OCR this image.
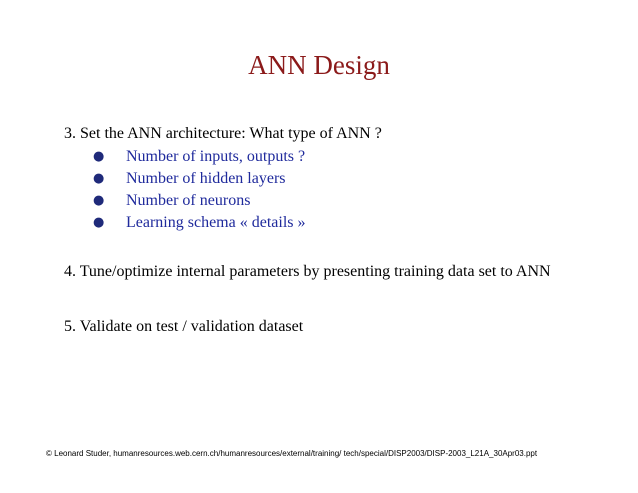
ANN Design
3. Set the ANN architecture: What type of ANN ?
● Number of inputs, outputs ?
● Number of hidden layers
● Number of neurons
● Learning schema « details »
4. Tune/optimize internal parameters by presenting training data set to ANN
5. Validate on test / validation dataset
© Leonard Studer, humanresources.web.cern.ch/humanresources/external/training/ tech/special/DISP2003/DISP-2003_L21A_30Apr03.ppt
